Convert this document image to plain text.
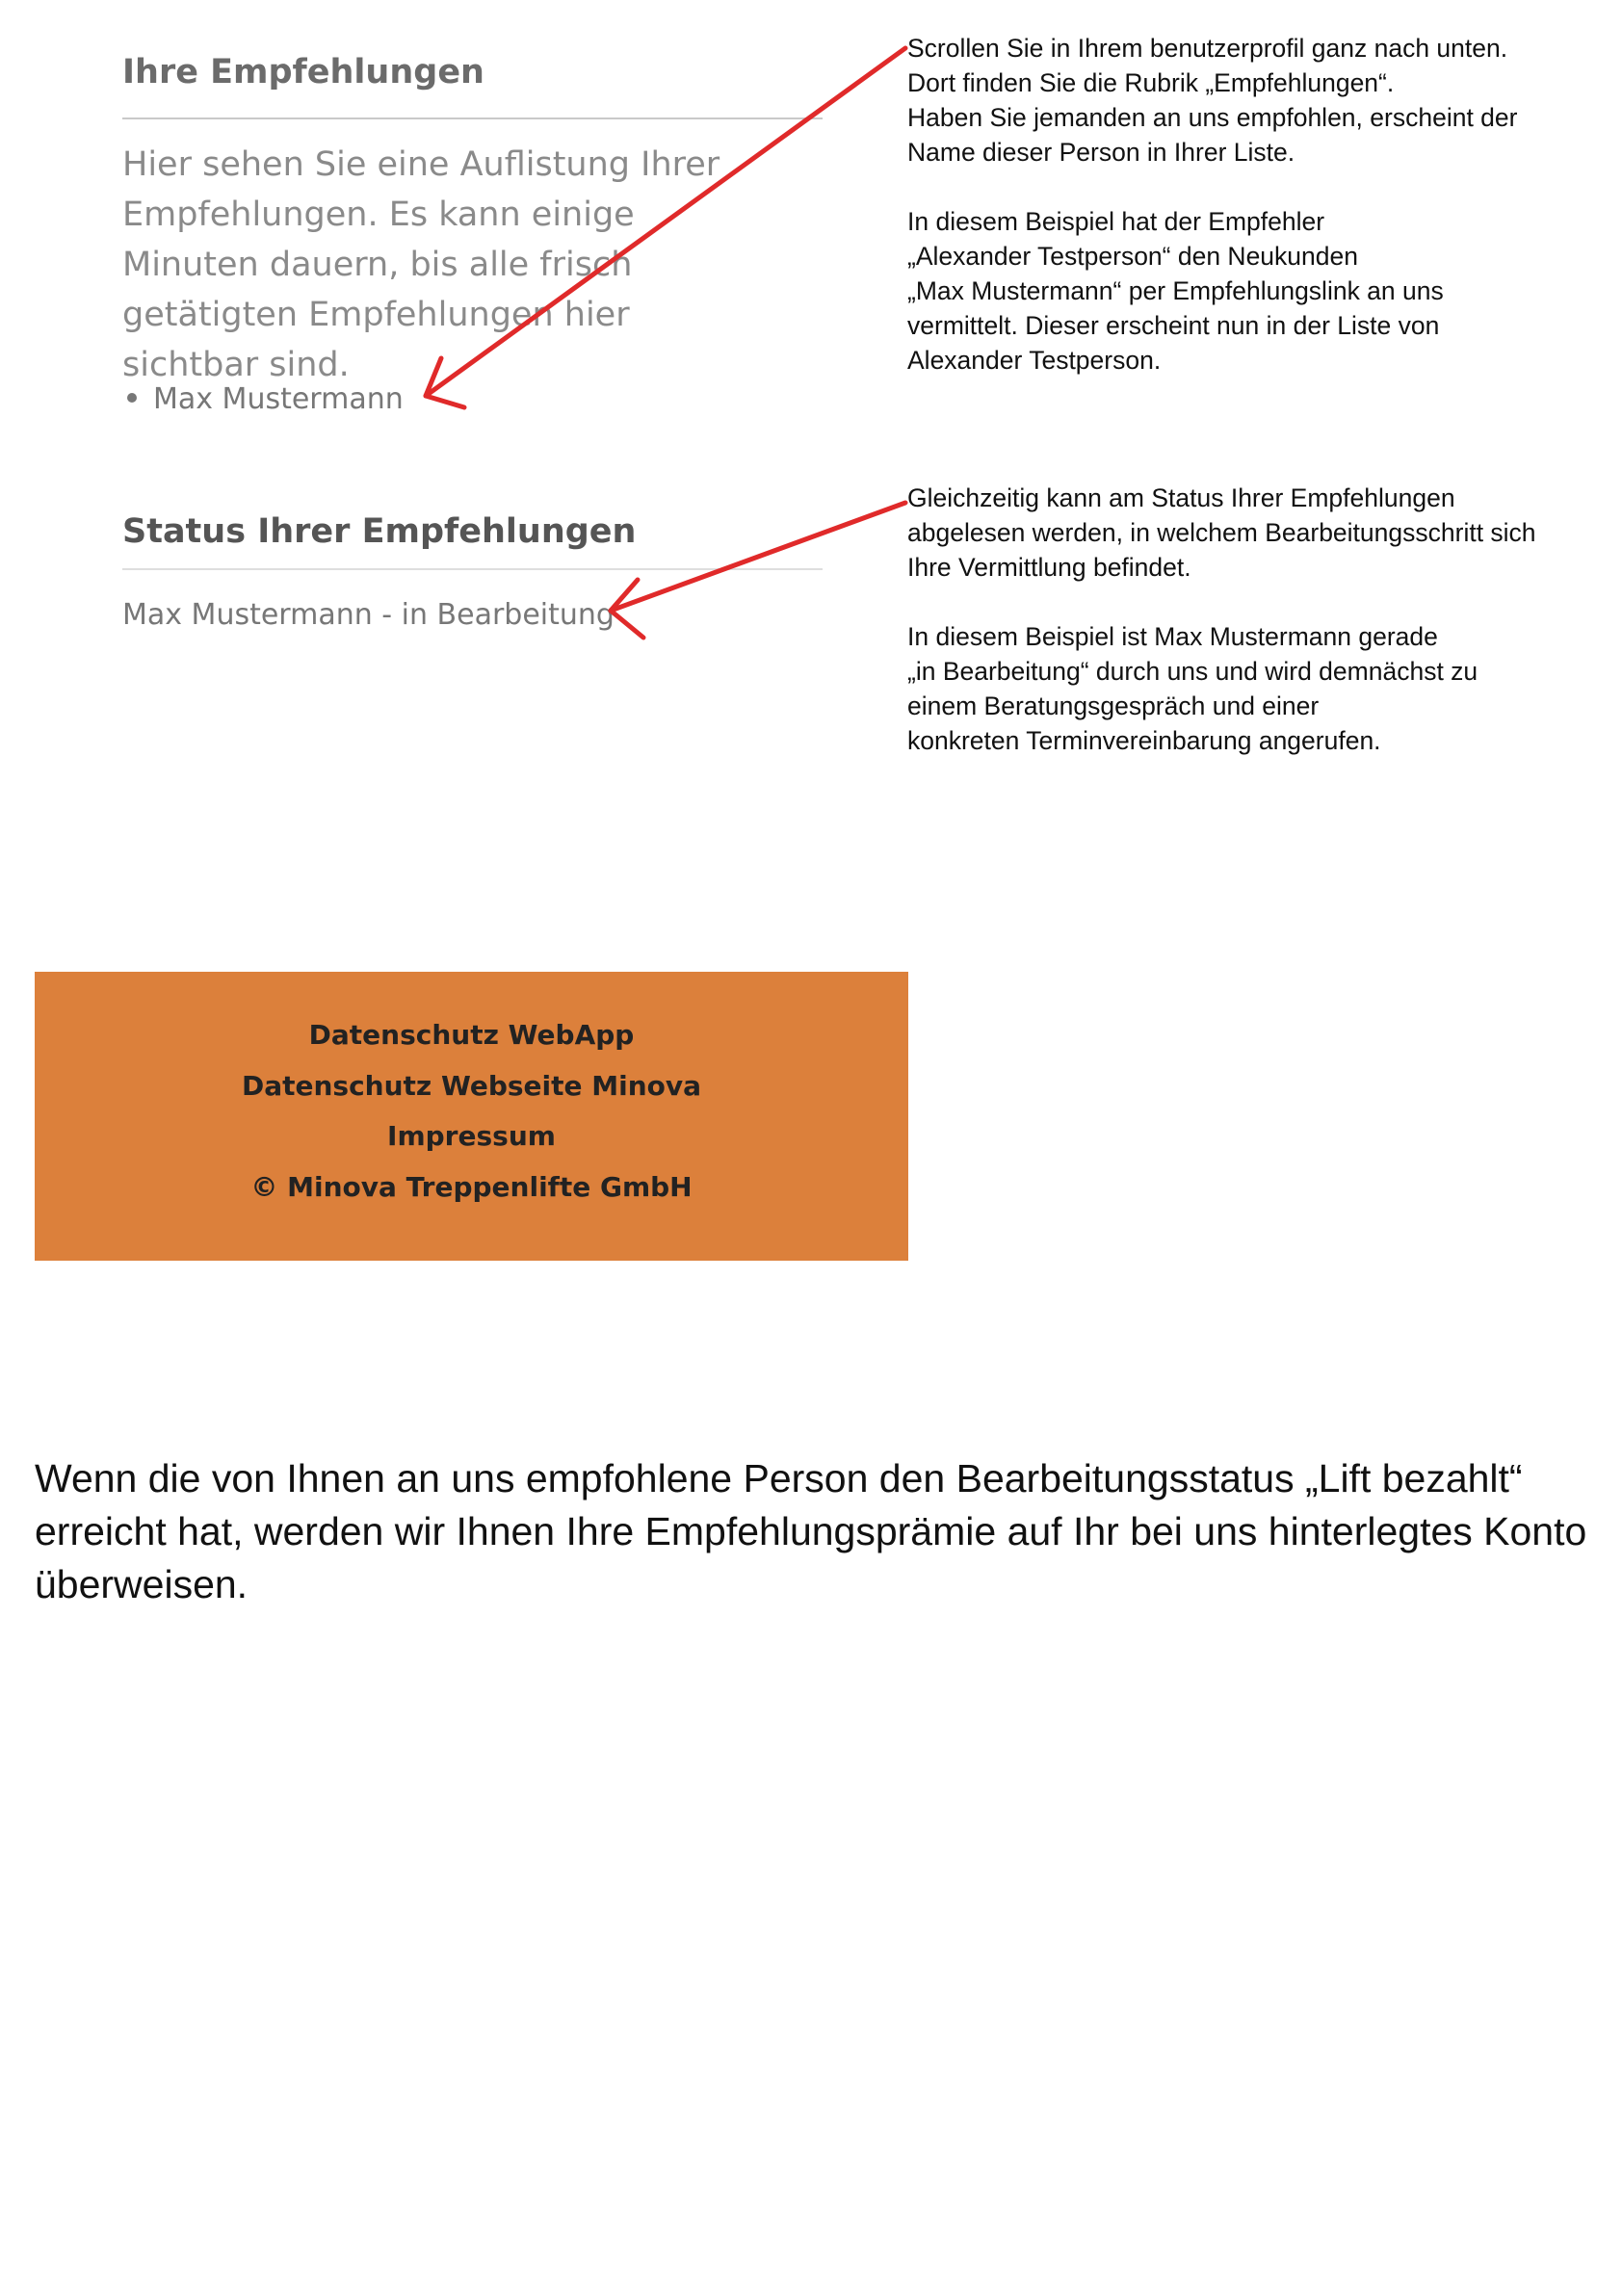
Ihre Empfehlungen

Hier sehen Sie eine Auflistung Ihrer Empfehlungen. Es kann einige Minuten dauern, bis alle frisch getätigten Empfehlungen hier sichtbar sind.

Max Mustermann
Status Ihrer Empfehlungen

Max Mustermann - in Bearbeitung

Scrollen Sie in Ihrem benutzerprofil ganz nach unten.

Dort finden Sie die Rubrik „Empfehlungen“.

Haben Sie jemanden an uns empfohlen, erscheint der

Name dieser Person in Ihrer Liste.

In diesem Beispiel hat der Empfehler

„Alexander Testperson“ den Neukunden

„Max Mustermann“ per Empfehlungslink an uns

vermittelt. Dieser erscheint nun in der Liste von

Alexander Testperson.

Gleichzeitig kann am Status Ihrer Empfehlungen

abgelesen werden, in welchem Bearbeitungsschritt sich

Ihre Vermittlung befindet.

In diesem Beispiel ist Max Mustermann gerade

„in Bearbeitung“ durch uns und wird demnächst zu

einem Beratungsgespräch und einer

konkreten Terminvereinbarung angerufen.

Datenschutz WebApp
Datenschutz Webseite Minova
Impressum
© Minova Treppenlifte GmbH

Wenn die von Ihnen an uns empfohlene Person den Bearbeitungsstatus „Lift bezahlt“ erreicht hat, werden wir Ihnen Ihre Empfehlungsprämie auf Ihr bei uns hinterlegtes Konto überweisen.
